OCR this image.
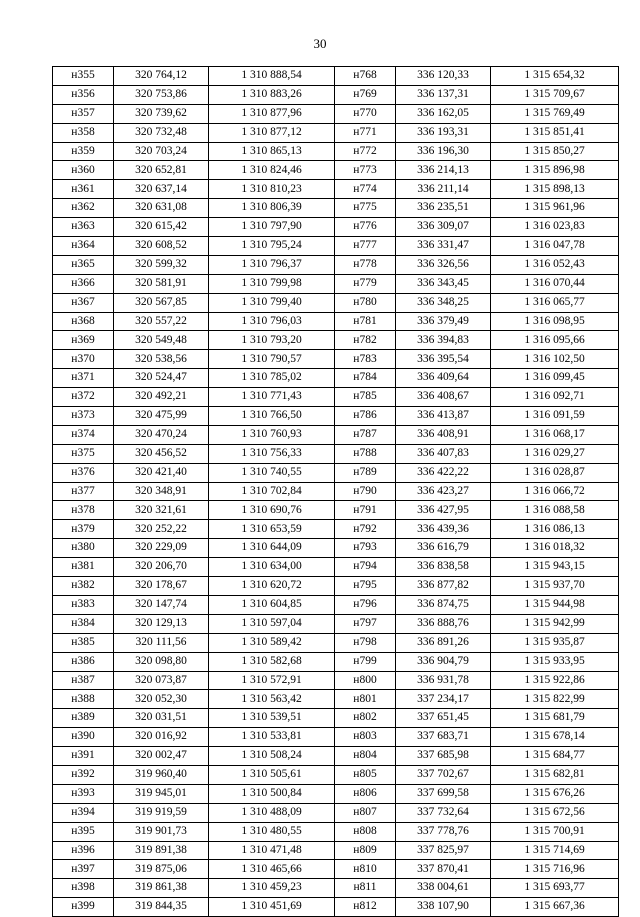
30
н355	320 764,12	1 310 888,54	н768	336 120,33	1 315 654,32
н356	320 753,86	1 310 883,26	н769	336 137,31	1 315 709,67
н357	320 739,62	1 310 877,96	н770	336 162,05	1 315 769,49
н358	320 732,48	1 310 877,12	н771	336 193,31	1 315 851,41
н359	320 703,24	1 310 865,13	н772	336 196,30	1 315 850,27
н360	320 652,81	1 310 824,46	н773	336 214,13	1 315 896,98
н361	320 637,14	1 310 810,23	н774	336 211,14	1 315 898,13
н362	320 631,08	1 310 806,39	н775	336 235,51	1 315 961,96
н363	320 615,42	1 310 797,90	н776	336 309,07	1 316 023,83
н364	320 608,52	1 310 795,24	н777	336 331,47	1 316 047,78
н365	320 599,32	1 310 796,37	н778	336 326,56	1 316 052,43
н366	320 581,91	1 310 799,98	н779	336 343,45	1 316 070,44
н367	320 567,85	1 310 799,40	н780	336 348,25	1 316 065,77
н368	320 557,22	1 310 796,03	н781	336 379,49	1 316 098,95
н369	320 549,48	1 310 793,20	н782	336 394,83	1 316 095,66
н370	320 538,56	1 310 790,57	н783	336 395,54	1 316 102,50
н371	320 524,47	1 310 785,02	н784	336 409,64	1 316 099,45
н372	320 492,21	1 310 771,43	н785	336 408,67	1 316 092,71
н373	320 475,99	1 310 766,50	н786	336 413,87	1 316 091,59
н374	320 470,24	1 310 760,93	н787	336 408,91	1 316 068,17
н375	320 456,52	1 310 756,33	н788	336 407,83	1 316 029,27
н376	320 421,40	1 310 740,55	н789	336 422,22	1 316 028,87
н377	320 348,91	1 310 702,84	н790	336 423,27	1 316 066,72
н378	320 321,61	1 310 690,76	н791	336 427,95	1 316 088,58
н379	320 252,22	1 310 653,59	н792	336 439,36	1 316 086,13
н380	320 229,09	1 310 644,09	н793	336 616,79	1 316 018,32
н381	320 206,70	1 310 634,00	н794	336 838,58	1 315 943,15
н382	320 178,67	1 310 620,72	н795	336 877,82	1 315 937,70
н383	320 147,74	1 310 604,85	н796	336 874,75	1 315 944,98
н384	320 129,13	1 310 597,04	н797	336 888,76	1 315 942,99
н385	320 111,56	1 310 589,42	н798	336 891,26	1 315 935,87
н386	320 098,80	1 310 582,68	н799	336 904,79	1 315 933,95
н387	320 073,87	1 310 572,91	н800	336 931,78	1 315 922,86
н388	320 052,30	1 310 563,42	н801	337 234,17	1 315 822,99
н389	320 031,51	1 310 539,51	н802	337 651,45	1 315 681,79
н390	320 016,92	1 310 533,81	н803	337 683,71	1 315 678,14
н391	320 002,47	1 310 508,24	н804	337 685,98	1 315 684,77
н392	319 960,40	1 310 505,61	н805	337 702,67	1 315 682,81
н393	319 945,01	1 310 500,84	н806	337 699,58	1 315 676,26
н394	319 919,59	1 310 488,09	н807	337 732,64	1 315 672,56
н395	319 901,73	1 310 480,55	н808	337 778,76	1 315 700,91
н396	319 891,38	1 310 471,48	н809	337 825,97	1 315 714,69
н397	319 875,06	1 310 465,66	н810	337 870,41	1 315 716,96
н398	319 861,38	1 310 459,23	н811	338 004,61	1 315 693,77
н399	319 844,35	1 310 451,69	н812	338 107,90	1 315 667,36
